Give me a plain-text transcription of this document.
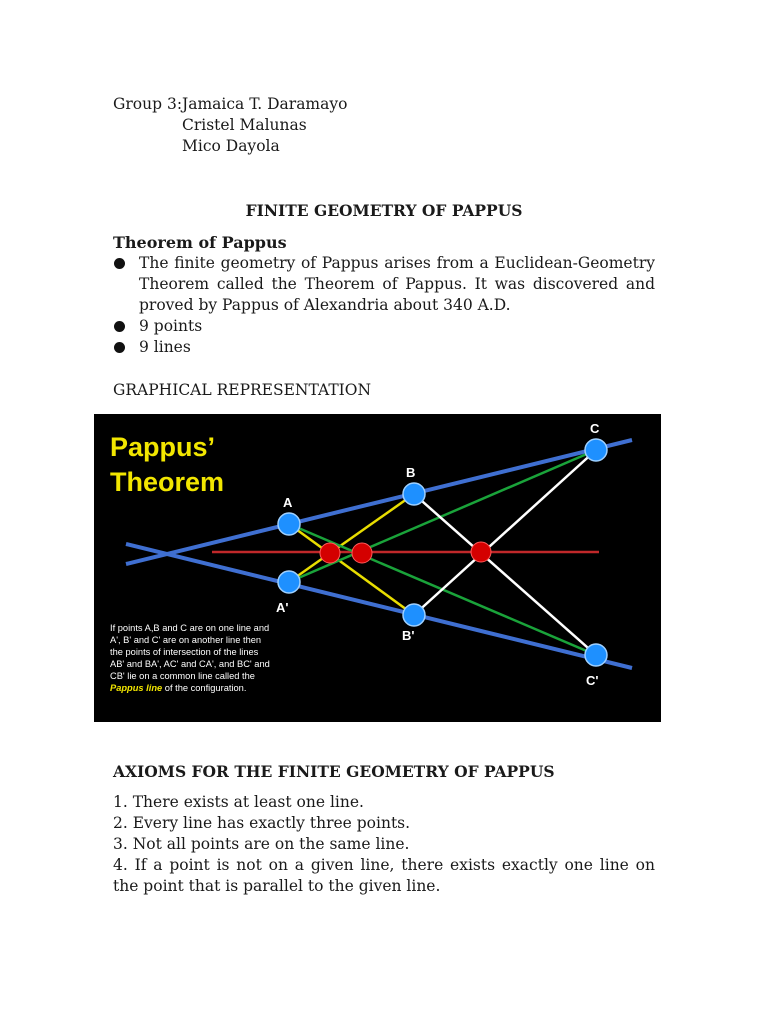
Group 3: Jamaica T. Daramayo
Cristel Malunas
Mico Dayola
FINITE GEOMETRY OF PAPPUS
Theorem of Pappus
The finite geometry of Pappus arises from a Euclidean-Geometry Theorem called the Theorem of Pappus. It was discovered and proved by Pappus of Alexandria about 340 A.D.
9 points
9 lines
GRAPHICAL REPRESENTATION
A
B
C
A'
B'
C'
Pappus’
Theorem
If points A,B and C are on one line and
A', B' and C' are on another line then
the points of intersection of the lines
AB' and BA', AC' and CA', and BC' and
CB' lie on a common line called the
Pappus line of the configuration.
AXIOMS FOR THE FINITE GEOMETRY OF PAPPUS
1. There exists at least one line.
2. Every line has exactly three points.
3. Not all points are on the same line.
4. If a point is not on a given line, there exists exactly one line on the point that is parallel to the given line.
